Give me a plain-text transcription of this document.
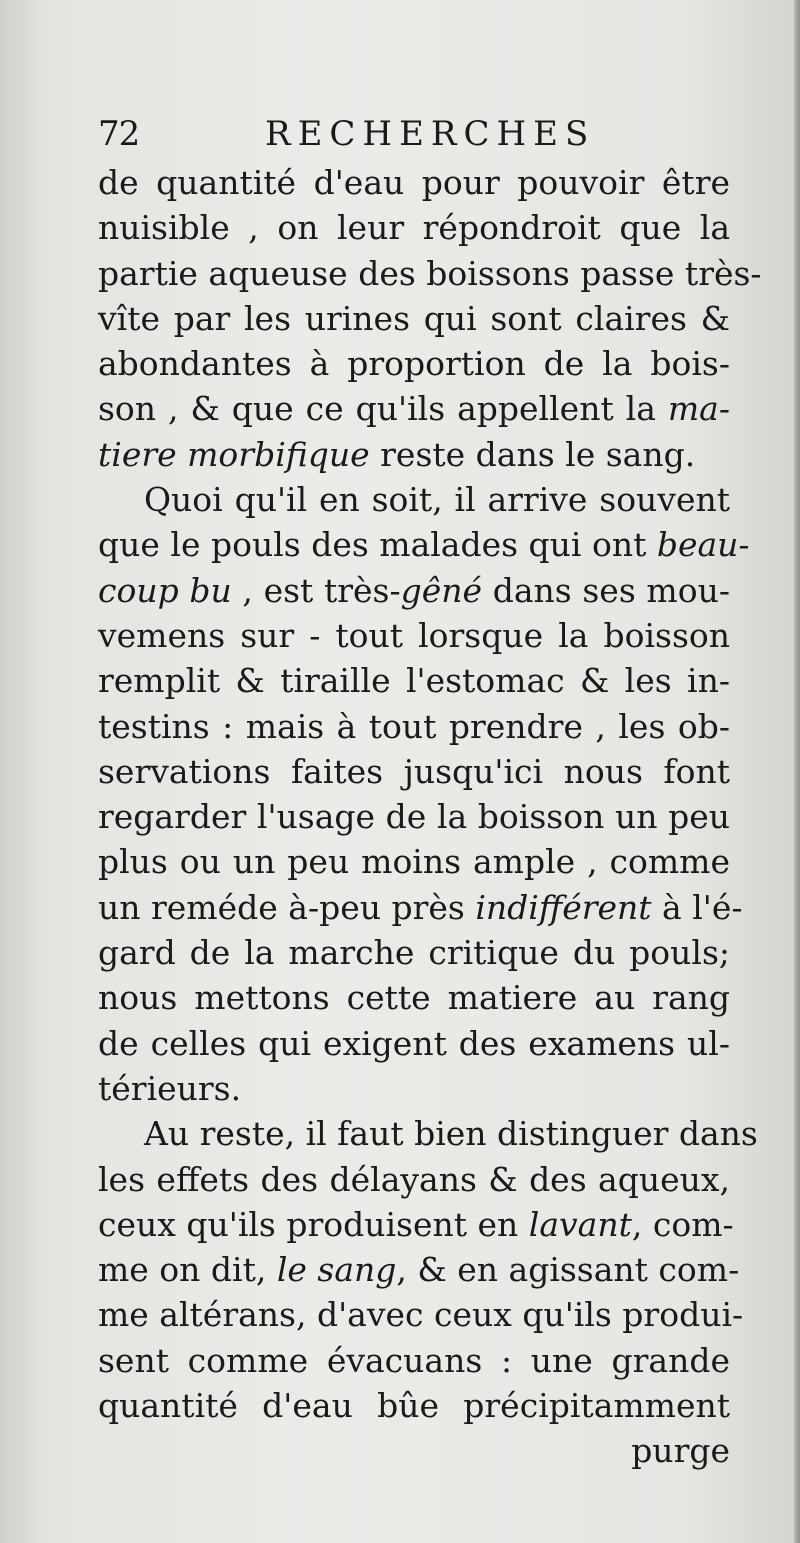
72	RECHERCHES
de quantité d'eau pour pouvoir être
nuisible , on leur répondroit que la
partie aqueuse des boissons passe très-
vîte par les urines qui sont claires &
abondantes à proportion de la bois-
son , & que ce qu'ils appellent la ma-
tiere morbifique reste dans le sang.
Quoi qu'il en soit, il arrive souvent
que le pouls des malades qui ont beau-
coup bu , est très-gêné dans ses mou-
vemens sur - tout lorsque la boisson
remplit & tiraille l'estomac & les in-
testins : mais à tout prendre , les ob-
servations faites jusqu'ici nous font
regarder l'usage de la boisson un peu
plus ou un peu moins ample , comme
un reméde à-peu près indifférent à l'é-
gard de la marche critique du pouls;
nous mettons cette matiere au rang
de celles qui exigent des examens ul-
térieurs.
Au reste, il faut bien distinguer dans
les effets des délayans & des aqueux,
ceux qu'ils produisent en lavant, com-
me on dit, le sang, & en agissant com-
me altérans, d'avec ceux qu'ils produi-
sent comme évacuans : une grande
quantité d'eau bûe précipitamment
purge
